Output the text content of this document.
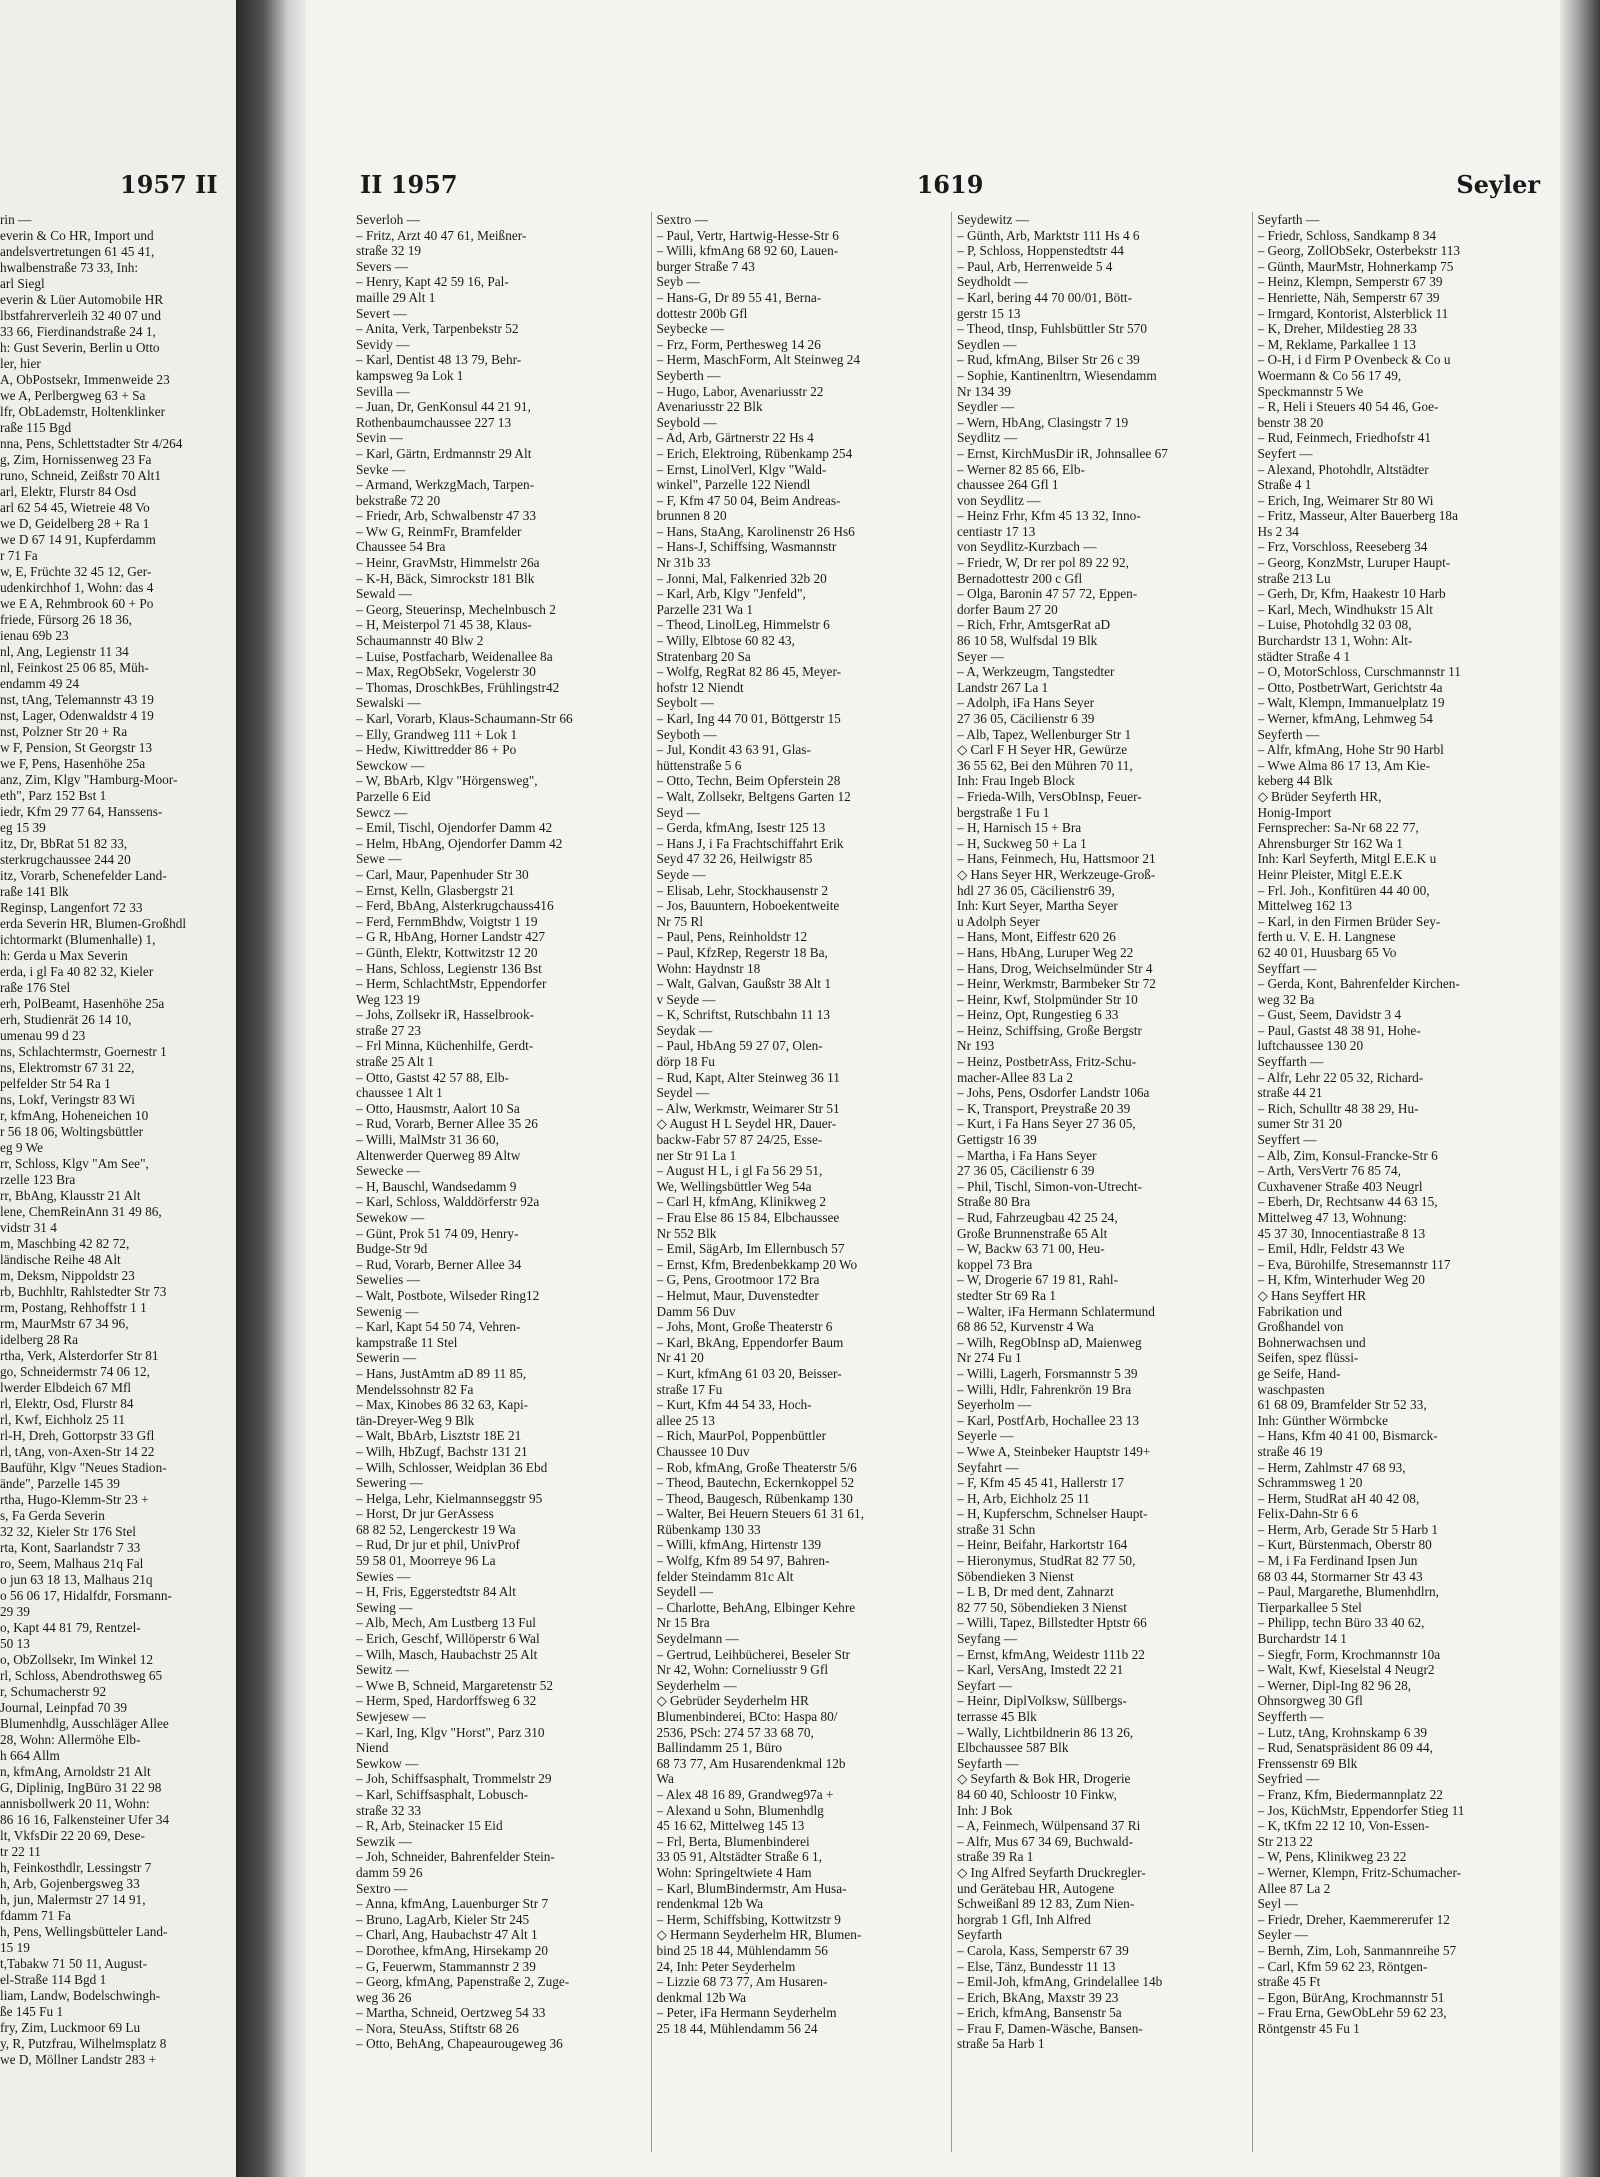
1957 II
rin —
everin & Co HR, Import und
andelsvertretungen 61 45 41,
hwalbenstraße 73 33, Inh:
arl Siegl
everin & Lüer Automobile HR
lbstfahrerverleih 32 40 07 und
33 66, Fierdinandstraße 24 1,
h: Gust Severin, Berlin u Otto
ler, hier
A, ObPostsekr, Immenweide 23
we A, Perlbergweg 63 + Sa
lfr, ObLademstr, Holtenklinker
raße 115 Bgd
nna, Pens, Schlettstadter Str 4/264
g, Zim, Hornissenweg 23 Fa
runo, Schneid, Zeißstr 70 Alt1
arl, Elektr, Flurstr 84 Osd
arl 62 54 45, Wietreie 48 Vo
we D, Geidelberg 28 + Ra 1
we D 67 14 91, Kupferdamm
r 71 Fa
w, E, Früchte 32 45 12, Ger-
udenkirchhof 1, Wohn: das 4
we E A, Rehmbrook 60 + Po
friede, Fürsorg 26 18 36,
ienau 69b 23
nl, Ang, Legienstr 11 34
nl, Feinkost 25 06 85, Müh-
endamm 49 24
nst, tAng, Telemannstr 43 19
nst, Lager, Odenwaldstr 4 19
nst, Polzner Str 20 + Ra
w F, Pension, St Georgstr 13
we F, Pens, Hasenhöhe 25a
anz, Zim, Klgv "Hamburg-Moor-
eth", Parz 152 Bst 1
iedr, Kfm 29 77 64, Hanssens-
eg 15 39
itz, Dr, BbRat 51 82 33,
sterkrugchaussee 244 20
itz, Vorarb, Schenefelder Land-
raße 141 Blk
Reginsp, Langenfort 72 33
erda Severin HR, Blumen-Großhdl
ichtormarkt (Blumenhalle) 1,
h: Gerda u Max Severin
erda, i gl Fa 40 82 32, Kieler
raße 176 Stel
erh, PolBeamt, Hasenhöhe 25a
erh, Studienrät 26 14 10,
umenau 99 d 23
ns, Schlachtermstr, Goernestr 1
ns, Elektromstr 67 31 22,
pelfelder Str 54 Ra 1
ns, Lokf, Veringstr 83 Wi
r, kfmAng, Hoheneichen 10
r 56 18 06, Woltingsbüttler
eg 9 We
rr, Schloss, Klgv "Am See",
rzelle 123 Bra
rr, BbAng, Klausstr 21 Alt
lene, ChemReinAnn 31 49 86,
vidstr 31 4
m, Maschbing 42 82 72,
ländische Reihe 48 Alt
m, Deksm, Nippoldstr 23
rb, Buchhltr, Rahlstedter Str 73
rm, Postang, Rehhoffstr 1 1
rm, MaurMstr 67 34 96,
idelberg 28 Ra
rtha, Verk, Alsterdorfer Str 81
go, Schneidermstr 74 06 12,
lwerder Elbdeich 67 Mfl
rl, Elektr, Osd, Flurstr 84
rl, Kwf, Eichholz 25 11
rl-H, Dreh, Gottorpstr 33 Gfl
rl, tAng, von-Axen-Str 14 22
Bauführ, Klgv "Neues Stadion-
ände", Parzelle 145 39
rtha, Hugo-Klemm-Str 23 +
s, Fa Gerda Severin
32 32, Kieler Str 176 Stel
rta, Kont, Saarlandstr 7 33
ro, Seem, Malhaus 21q Fal
o jun 63 18 13, Malhaus 21q
o 56 06 17, Hidalfdr, Forsmann-
29 39
o, Kapt 44 81 79, Rentzel-
50 13
o, ObZollsekr, Im Winkel 12
rl, Schloss, Abendrothsweg 65
r, Schumacherstr 92
Journal, Leinpfad 70 39
Blumenhdlg, Ausschläger Allee
28, Wohn: Allermöhe Elb-
h 664 Allm
n, kfmAng, Arnoldstr 21 Alt
G, Diplinig, IngBüro 31 22 98
annisbollwerk 20 11, Wohn:
86 16 16, Falkensteiner Ufer 34
lt, VkfsDir 22 20 69, Dese-
tr 22 11
h, Feinkosthdlr, Lessingstr 7
h, Arb, Gojenbergsweg 33
h, jun, Malermstr 27 14 91,
fdamm 71 Fa
h, Pens, Wellingsbütteler Land-
15 19
t,Tabakw 71 50 11, August-
el-Straße 114 Bgd 1
liam, Landw, Bodelschwingh-
ße 145 Fu 1
fry, Zim, Luckmoor 69 Lu
y, R, Putzfrau, Wilhelmsplatz 8
we D, Möllner Landstr 283 +
II 1957	1619	Seyler
Severloh —
– Fritz, Arzt 40 47 61, Meißner-
straße 32 19
Severs —
– Henry, Kapt 42 59 16, Pal-
maille 29 Alt 1
Severt —
– Anita, Verk, Tarpenbekstr 52
Sevidy —
– Karl, Dentist 48 13 79, Behr-
kampsweg 9a Lok 1
Sevilla —
– Juan, Dr, GenKonsul 44 21 91,
Rothenbaumchaussee 227 13
Sevin —
– Karl, Gärtn, Erdmannstr 29 Alt
Sevke —
– Armand, WerkzgMach, Tarpen-
bekstraße 72 20
– Friedr, Arb, Schwalbenstr 47 33
– Ww G, ReinmFr, Bramfelder
Chaussee 54 Bra
– Heinr, GravMstr, Himmelstr 26a
– K-H, Bäck, Simrockstr 181 Blk
Sewald —
– Georg, Steuerinsp, Mechelnbusch 2
– H, Meisterpol 71 45 38, Klaus-
Schaumannstr 40 Blw 2
– Luise, Postfacharb, Weidenallee 8a
– Max, RegObSekr, Vogelerstr 30
– Thomas, DroschkBes, Frühlingstr42
Sewalski —
– Karl, Vorarb, Klaus-Schaumann-Str 66
– Elly, Grandweg 111 + Lok 1
– Hedw, Kiwittredder 86 + Po
Sewckow —
– W, BbArb, Klgv "Hörgensweg",
Parzelle 6 Eid
Sewcz —
– Emil, Tischl, Ojendorfer Damm 42
– Helm, HbAng, Ojendorfer Damm 42
Sewe —
– Carl, Maur, Papenhuder Str 30
– Ernst, Kelln, Glasbergstr 21
– Ferd, BbAng, Alsterkrugchauss416
– Ferd, FernmBhdw, Voigtstr 1 19
– G R, HbAng, Horner Landstr 427
– Günth, Elektr, Kottwitzstr 12 20
– Hans, Schloss, Legienstr 136 Bst
– Herm, SchlachtMstr, Eppendorfer
Weg 123 19
– Johs, Zollsekr iR, Hasselbrook-
straße 27 23
– Frl Minna, Küchenhilfe, Gerdt-
straße 25 Alt 1
– Otto, Gastst 42 57 88, Elb-
chaussee 1 Alt 1
– Otto, Hausmstr, Aalort 10 Sa
– Rud, Vorarb, Berner Allee 35 26
– Willi, MalMstr 31 36 60,
Altenwerder Querweg 89 Altw
Sewecke —
– H, Bauschl, Wandsedamm 9
– Karl, Schloss, Walddörferstr 92a
Sewekow —
– Günt, Prok 51 74 09, Henry-
Budge-Str 9d
– Rud, Vorarb, Berner Allee 34
Sewelies —
– Walt, Postbote, Wilseder Ring12
Sewenig —
– Karl, Kapt 54 50 74, Vehren-
kampstraße 11 Stel
Sewerin —
– Hans, JustAmtm aD 89 11 85,
Mendelssohnstr 82 Fa
– Max, Kinobes 86 32 63, Kapi-
tän-Dreyer-Weg 9 Blk
– Walt, BbArb, Lisztstr 18E 21
– Wilh, HbZugf, Bachstr 131 21
– Wilh, Schlosser, Weidplan 36 Ebd
Sewering —
– Helga, Lehr, Kielmannseggstr 95
– Horst, Dr jur GerAssess
68 82 52, Lengerckestr 19 Wa
– Rud, Dr jur et phil, UnivProf
59 58 01, Moorreye 96 La
Sewies —
– H, Fris, Eggerstedtstr 84 Alt
Sewing —
– Alb, Mech, Am Lustberg 13 Ful
– Erich, Geschf, Willöperstr 6 Wal
– Wilh, Masch, Haubachstr 25 Alt
Sewitz —
– Wwe B, Schneid, Margaretenstr 52
– Herm, Sped, Hardorffsweg 6 32
Sewjesew —
– Karl, Ing, Klgv "Horst", Parz 310
Niend
Sewkow —
– Joh, Schiffsasphalt, Trommelstr 29
– Karl, Schiffsasphalt, Lobusch-
straße 32 33
– R, Arb, Steinacker 15 Eid
Sewzik —
– Joh, Schneider, Bahrenfelder Stein-
damm 59 26
Sextro —
– Anna, kfmAng, Lauenburger Str 7
– Bruno, LagArb, Kieler Str 245
– Charl, Ang, Haubachstr 47 Alt 1
– Dorothee, kfmAng, Hirsekamp 20
– G, Feuerwm, Stammannstr 2 39
– Georg, kfmAng, Papenstraße 2, Zuge-
weg 36 26
– Martha, Schneid, Oertzweg 54 33
– Nora, SteuAss, Stiftstr 68 26
– Otto, BehAng, Chapeaurougeweg 36
Sextro —
– Paul, Vertr, Hartwig-Hesse-Str 6
– Willi, kfmAng 68 92 60, Lauen-
burger Straße 7 43
Seyb —
– Hans-G, Dr 89 55 41, Berna-
dottestr 200b Gfl
Seybecke —
– Frz, Form, Perthesweg 14 26
– Herm, MaschForm, Alt Steinweg 24
Seyberth —
– Hugo, Labor, Avenariusstr 22
Avenariusstr 22 Blk
Seybold —
– Ad, Arb, Gärtnerstr 22 Hs 4
– Erich, Elektroing, Rübenkamp 254
– Ernst, LinolVerl, Klgv "Wald-
winkel", Parzelle 122 Niendl
– F, Kfm 47 50 04, Beim Andreas-
brunnen 8 20
– Hans, StaAng, Karolinenstr 26 Hs6
– Hans-J, Schiffsing, Wasmannstr
Nr 31b 33
– Jonni, Mal, Falkenried 32b 20
– Karl, Arb, Klgv "Jenfeld",
Parzelle 231 Wa 1
– Theod, LinolLeg, Himmelstr 6
– Willy, Elbtose 60 82 43,
Stratenbarg 20 Sa
– Wolfg, RegRat 82 86 45, Meyer-
hofstr 12 Niendt
Seybolt —
– Karl, Ing 44 70 01, Böttgerstr 15
Seyboth —
– Jul, Kondit 43 63 91, Glas-
hüttenstraße 5 6
– Otto, Techn, Beim Opferstein 28
– Walt, Zollsekr, Beltgens Garten 12
Seyd —
– Gerda, kfmAng, Isestr 125 13
– Hans J, i Fa Frachtschiffahrt Erik
Seyd 47 32 26, Heilwigstr 85
Seyde —
– Elisab, Lehr, Stockhausenstr 2
– Jos, Bauuntern, Hoboekentweite
Nr 75 Rl
– Paul, Pens, Reinholdstr 12
– Paul, KfzRep, Regerstr 18 Ba,
Wohn: Haydnstr 18
– Walt, Galvan, Gaußstr 38 Alt 1
v Seyde —
– K, Schriftst, Rutschbahn 11 13
Seydak —
– Paul, HbAng 59 27 07, Olen-
dörp 18 Fu
– Rud, Kapt, Alter Steinweg 36 11
Seydel —
– Alw, Werkmstr, Weimarer Str 51
◇ August H L Seydel HR, Dauer-
backw-Fabr 57 87 24/25, Esse-
ner Str 91 La 1
– August H L, i gl Fa 56 29 51,
We, Wellingsbüttler Weg 54a
– Carl H, kfmAng, Klinikweg 2
– Frau Else 86 15 84, Elbchaussee
Nr 552 Blk
– Emil, SägArb, Im Ellernbusch 57
– Ernst, Kfm, Bredenbekkamp 20 Wo
– G, Pens, Grootmoor 172 Bra
– Helmut, Maur, Duvenstedter
Damm 56 Duv
– Johs, Mont, Große Theaterstr 6
– Karl, BkAng, Eppendorfer Baum
Nr 41 20
– Kurt, kfmAng 61 03 20, Beisser-
straße 17 Fu
– Kurt, Kfm 44 54 33, Hoch-
allee 25 13
– Rich, MaurPol, Poppenbüttler
Chaussee 10 Duv
– Rob, kfmAng, Große Theaterstr 5/6
– Theod, Bautechn, Eckernkoppel 52
– Theod, Baugesch, Rübenkamp 130
– Walter, Bei Heuern Steuers 61 31 61,
Rübenkamp 130 33
– Willi, kfmAng, Hirtenstr 139
– Wolfg, Kfm 89 54 97, Bahren-
felder Steindamm 81c Alt
Seydell —
– Charlotte, BehAng, Elbinger Kehre
Nr 15 Bra
Seydelmann —
– Gertrud, Leihbücherei, Beseler Str
Nr 42, Wohn: Corneliusstr 9 Gfl
Seyderhelm —
◇ Gebrüder Seyderhelm HR
Blumenbinderei, BCto: Haspa 80/
2536, PSch: 274 57 33 68 70,
Ballindamm 25 1, Büro
68 73 77, Am Husarendenkmal 12b
Wa
– Alex 48 16 89, Grandweg97a +
– Alexand u Sohn, Blumenhdlg
45 16 62, Mittelweg 145 13
– Frl, Berta, Blumenbinderei
33 05 91, Altstädter Straße 6 1,
Wohn: Springeltwiete 4 Ham
– Karl, BlumBindermstr, Am Husa-
rendenkmal 12b Wa
– Herm, Schiffsbing, Kottwitzstr 9
◇ Hermann Seyderhelm HR, Blumen-
bind 25 18 44, Mühlendamm 56
24, Inh: Peter Seyderhelm
– Lizzie 68 73 77, Am Husaren-
denkmal 12b Wa
– Peter, iFa Hermann Seyderhelm
25 18 44, Mühlendamm 56 24
Seydewitz —
– Günth, Arb, Marktstr 111 Hs 4 6
– P, Schloss, Hoppenstedtstr 44
– Paul, Arb, Herrenweide 5 4
Seydholdt —
– Karl, bering 44 70 00/01, Bött-
gerstr 15 13
– Theod, tInsp, Fuhlsbüttler Str 570
Seydlen —
– Rud, kfmAng, Bilser Str 26 c 39
– Sophie, Kantinenltrn, Wiesendamm
Nr 134 39
Seydler —
– Wern, HbAng, Clasingstr 7 19
Seydlitz —
– Ernst, KirchMusDir iR, Johnsallee 67
– Werner 82 85 66, Elb-
chaussee 264 Gfl 1
von Seydlitz —
– Heinz Frhr, Kfm 45 13 32, Inno-
centiastr 17 13
von Seydlitz-Kurzbach —
– Friedr, W, Dr rer pol 89 22 92,
Bernadottestr 200 c Gfl
– Olga, Baronin 47 57 72, Eppen-
dorfer Baum 27 20
– Rich, Frhr, AmtsgerRat aD
86 10 58, Wulfsdal 19 Blk
Seyer —
– A, Werkzeugm, Tangstedter
Landstr 267 La 1
– Adolph, iFa Hans Seyer
27 36 05, Cäcilienstr 6 39
– Alb, Tapez, Wellenburger Str 1
◇ Carl F H Seyer HR, Gewürze
36 55 62, Bei den Mühren 70 11,
Inh: Frau Ingeb Block
– Frieda-Wilh, VersObInsp, Feuer-
bergstraße 1 Fu 1
– H, Harnisch 15 + Bra
– H, Suckweg 50 + La 1
– Hans, Feinmech, Hu, Hattsmoor 21
◇ Hans Seyer HR, Werkzeuge-Groß-
hdl 27 36 05, Cäcilienstr6 39,
Inh: Kurt Seyer, Martha Seyer
u Adolph Seyer
– Hans, Mont, Eiffestr 620 26
– Hans, HbAng, Luruper Weg 22
– Hans, Drog, Weichselmünder Str 4
– Heinr, Werkmstr, Barmbeker Str 72
– Heinr, Kwf, Stolpmünder Str 10
– Heinz, Opt, Rungestieg 6 33
– Heinz, Schiffsing, Große Bergstr
Nr 193
– Heinz, PostbetrAss, Fritz-Schu-
macher-Allee 83 La 2
– Johs, Pens, Osdorfer Landstr 106a
– K, Transport, Preystraße 20 39
– Kurt, i Fa Hans Seyer 27 36 05,
Gettigstr 16 39
– Martha, i Fa Hans Seyer
27 36 05, Cäcilienstr 6 39
– Phil, Tischl, Simon-von-Utrecht-
Straße 80 Bra
– Rud, Fahrzeugbau 42 25 24,
Große Brunnenstraße 65 Alt
– W, Backw 63 71 00, Heu-
koppel 73 Bra
– W, Drogerie 67 19 81, Rahl-
stedter Str 69 Ra 1
– Walter, iFa Hermann Schlatermund
68 86 52, Kurvenstr 4 Wa
– Wilh, RegObInsp aD, Maienweg
Nr 274 Fu 1
– Willi, Lagerh, Forsmannstr 5 39
– Willi, Hdlr, Fahrenkrön 19 Bra
Seyerholm —
– Karl, PostfArb, Hochallee 23 13
Seyerle —
– Wwe A, Steinbeker Hauptstr 149+
Seyfahrt —
– F, Kfm 45 45 41, Hallerstr 17
– H, Arb, Eichholz 25 11
– H, Kupferschm, Schnelser Haupt-
straße 31 Schn
– Heinr, Beifahr, Harkortstr 164
– Hieronymus, StudRat 82 77 50,
Söbendieken 3 Nienst
– L B, Dr med dent, Zahnarzt
82 77 50, Söbendieken 3 Nienst
– Willi, Tapez, Billstedter Hptstr 66
Seyfang —
– Ernst, kfmAng, Weidestr 111b 22
– Karl, VersAng, Imstedt 22 21
Seyfart —
– Heinr, DiplVolksw, Süllbergs-
terrasse 45 Blk
– Wally, Lichtbildnerin 86 13 26,
Elbchaussee 587 Blk
Seyfarth —
◇ Seyfarth & Bok HR, Drogerie
84 60 40, Schloostr 10 Finkw,
Inh: J Bok
– A, Feinmech, Wülpensand 37 Ri
– Alfr, Mus 67 34 69, Buchwald-
straße 39 Ra 1
◇ Ing Alfred Seyfarth Druckregler-
und Gerätebau HR, Autogene
Schweißanl 89 12 83, Zum Nien-
horgrab 1 Gfl, Inh Alfred
Seyfarth
– Carola, Kass, Semperstr 67 39
– Else, Tänz, Bundesstr 11 13
– Emil-Joh, kfmAng, Grindelallee 14b
– Erich, BkAng, Maxstr 39 23
– Erich, kfmAng, Bansenstr 5a
– Frau F, Damen-Wäsche, Bansen-
straße 5a Harb 1
Seyfarth —
– Friedr, Schloss, Sandkamp 8 34
– Georg, ZollObSekr, Osterbekstr 113
– Günth, MaurMstr, Hohnerkamp 75
– Heinz, Klempn, Semperstr 67 39
– Henriette, Näh, Semperstr 67 39
– Irmgard, Kontorist, Alsterblick 11
– K, Dreher, Mildestieg 28 33
– M, Reklame, Parkallee 1 13
– O-H, i d Firm P Ovenbeck & Co u
Woermann & Co 56 17 49,
Speckmannstr 5 We
– R, Heli i Steuers 40 54 46, Goe-
benstr 38 20
– Rud, Feinmech, Friedhofstr 41
Seyfert —
– Alexand, Photohdlr, Altstädter
Straße 4 1
– Erich, Ing, Weimarer Str 80 Wi
– Fritz, Masseur, Alter Bauerberg 18a
Hs 2 34
– Frz, Vorschloss, Reeseberg 34
– Georg, KonzMstr, Luruper Haupt-
straße 213 Lu
– Gerh, Dr, Kfm, Haakestr 10 Harb
– Karl, Mech, Windhukstr 15 Alt
– Luise, Photohdlg 32 03 08,
Burchardstr 13 1, Wohn: Alt-
städter Straße 4 1
– O, MotorSchloss, Curschmannstr 11
– Otto, PostbetrWart, Gerichtstr 4a
– Walt, Klempn, Immanuelplatz 19
– Werner, kfmAng, Lehmweg 54
Seyferth —
– Alfr, kfmAng, Hohe Str 90 Harbl
– Wwe Alma 86 17 13, Am Kie-
keberg 44 Blk
◇ Brüder Seyferth HR,
Honig-Import
Fernsprecher: Sa-Nr 68 22 77,
Ahrensburger Str 162 Wa 1
Inh: Karl Seyferth, Mitgl E.E.K u
Heinr Pleister, Mitgl E.E.K
– Frl. Joh., Konfitüren 44 40 00,
Mittelweg 162 13
– Karl, in den Firmen Brüder Sey-
ferth u. V. E. H. Langnese
62 40 01, Huusbarg 65 Vo
Seyffart —
– Gerda, Kont, Bahrenfelder Kirchen-
weg 32 Ba
– Gust, Seem, Davidstr 3 4
– Paul, Gastst 48 38 91, Hohe-
luftchaussee 130 20
Seyffarth —
– Alfr, Lehr 22 05 32, Richard-
straße 44 21
– Rich, Schulltr 48 38 29, Hu-
sumer Str 31 20
Seyffert —
– Alb, Zim, Konsul-Francke-Str 6
– Arth, VersVertr 76 85 74,
Cuxhavener Straße 403 Neugrl
– Eberh, Dr, Rechtsanw 44 63 15,
Mittelweg 47 13, Wohnung:
45 37 30, Innocentiastraße 8 13
– Emil, Hdlr, Feldstr 43 We
– Eva, Bürohilfe, Stresemannstr 117
– H, Kfm, Winterhuder Weg 20
◇ Hans Seyffert HR
Fabrikation und
Großhandel von
Bohnerwachsen und
Seifen, spez flüssi-
ge Seife, Hand-
waschpasten
61 68 09, Bramfelder Str 52 33,
Inh: Günther Wörmbcke
– Hans, Kfm 40 41 00, Bismarck-
straße 46 19
– Herm, Zahlmstr 47 68 93,
Schrammsweg 1 20
– Herm, StudRat aH 40 42 08,
Felix-Dahn-Str 6 6
– Herm, Arb, Gerade Str 5 Harb 1
– Kurt, Bürstenmach, Oberstr 80
– M, i Fa Ferdinand Ipsen Jun
68 03 44, Stormarner Str 43 43
– Paul, Margarethe, Blumenhdlrn,
Tierparkallee 5 Stel
– Philipp, techn Büro 33 40 62,
Burchardstr 14 1
– Siegfr, Form, Krochmannstr 10a
– Walt, Kwf, Kieselstal 4 Neugr2
– Werner, Dipl-Ing 82 96 28,
Ohnsorgweg 30 Gfl
Seyfferth —
– Lutz, tAng, Krohnskamp 6 39
– Rud, Senatspräsident 86 09 44,
Frenssenstr 69 Blk
Seyfried —
– Franz, Kfm, Biedermannplatz 22
– Jos, KüchMstr, Eppendorfer Stieg 11
– K, tKfm 22 12 10, Von-Essen-
Str 213 22
– W, Pens, Klinikweg 23 22
– Werner, Klempn, Fritz-Schumacher-
Allee 87 La 2
Seyl —
– Friedr, Dreher, Kaemmererufer 12
Seyler —
– Bernh, Zim, Loh, Sanmannreihe 57
– Carl, Kfm 59 62 23, Röntgen-
straße 45 Ft
– Egon, BürAng, Krochmannstr 51
– Frau Erna, GewObLehr 59 62 23,
Röntgenstr 45 Fu 1
